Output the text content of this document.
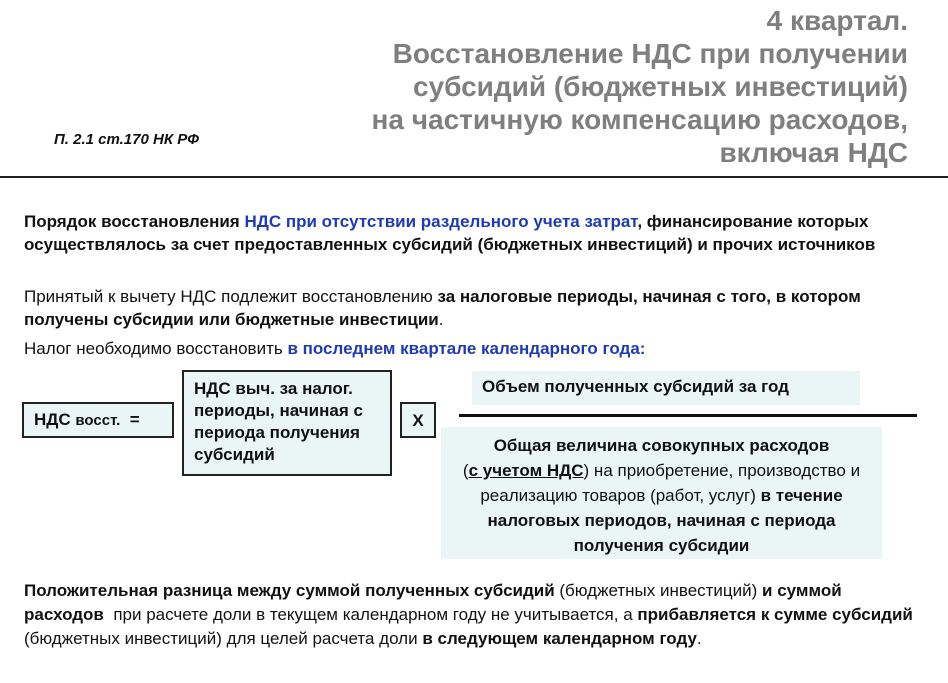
4 квартал.
Восстановление НДС при получении
субсидий (бюджетных инвестиций)
на частичную компенсацию расходов,
включая НДС
П. 2.1 ст.170 НК РФ
Порядок восстановления НДС при отсутствии раздельного учета затрат, финансирование которых осуществлялось за счет предоставленных субсидий (бюджетных инвестиций) и прочих источников
Принятый к вычету НДС подлежит восстановлению за налоговые периоды, начиная с того, в котором получены субсидии или бюджетные инвестиции.
Налог необходимо восстановить в последнем квартале календарного года:
НДС восст.  =
НДС выч. за налог. периоды, начиная с периода получения субсидий
X
Объем полученных субсидий за год
Общая величина совокупных расходов
(с учетом НДС) на приобретение, производство и реализацию товаров (работ, услуг) в течение налоговых периодов, начиная с периода получения субсидии
Положительная разница между суммой полученных субсидий (бюджетных инвестиций) и суммой расходов  при расчете доли в текущем календарном году не учитывается, а прибавляется к сумме субсидий (бюджетных инвестиций) для целей расчета доли в следующем календарном году.
